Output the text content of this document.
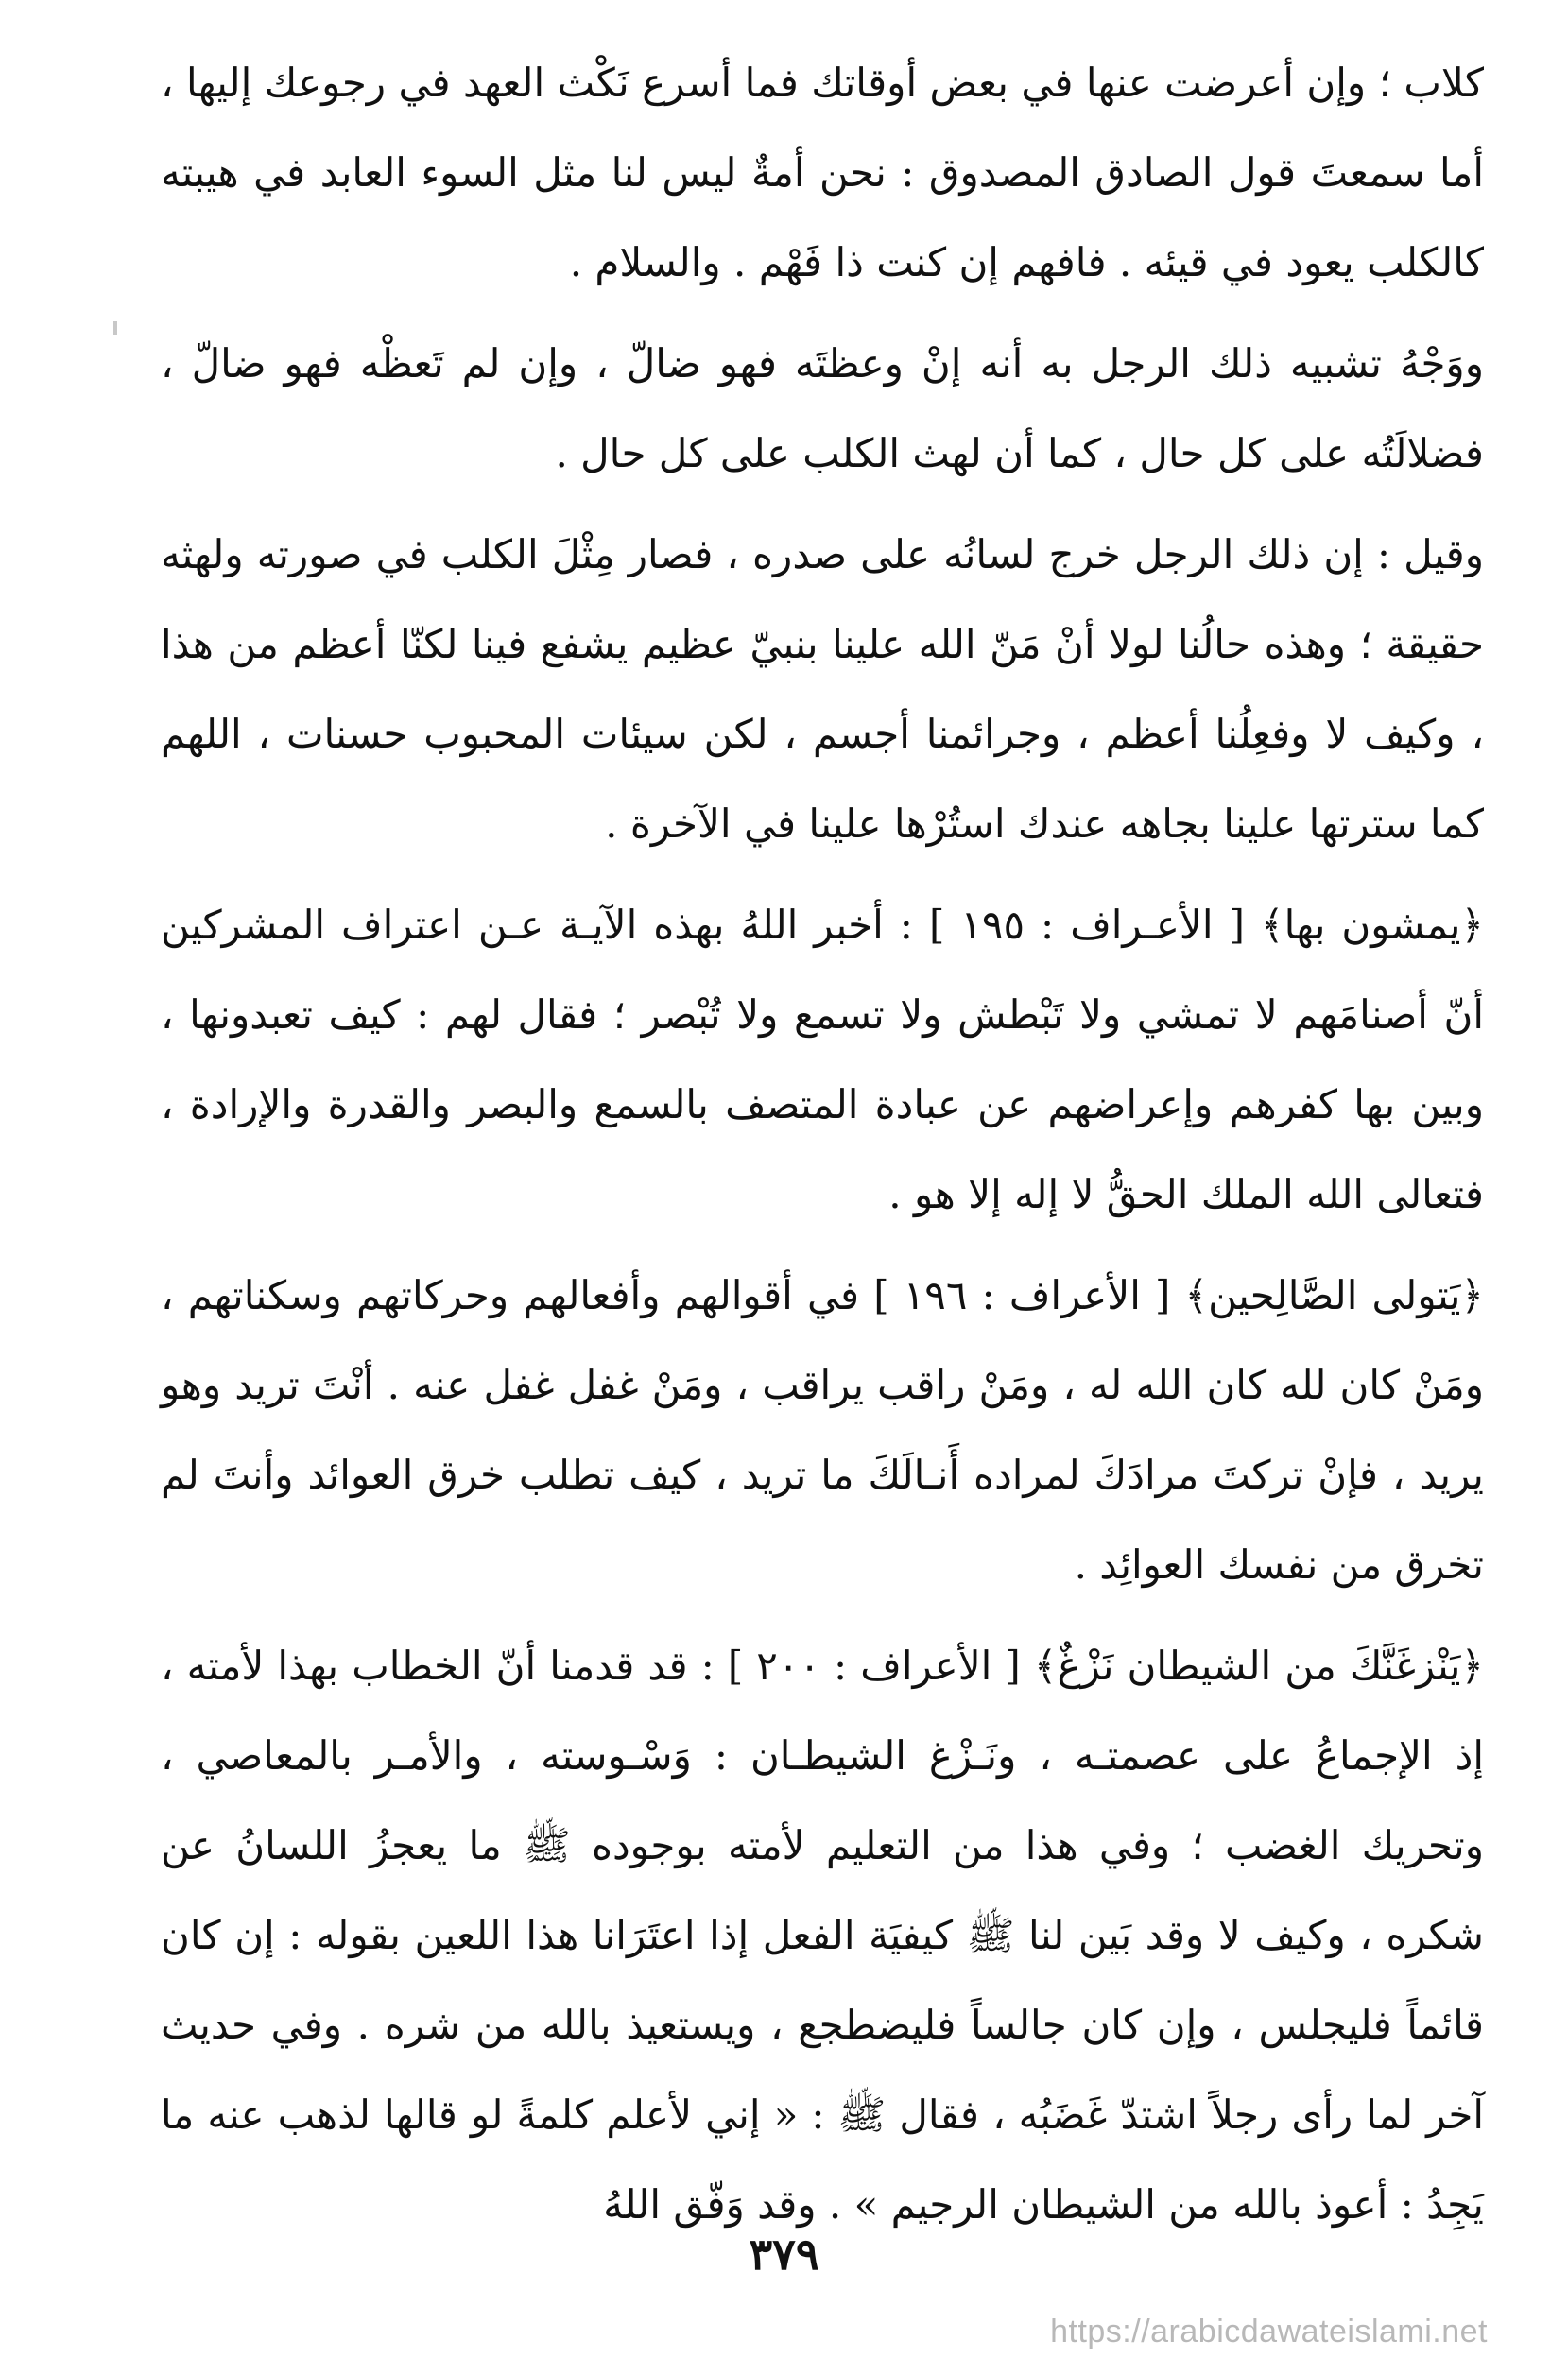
كلاب ؛ وإن أعرضت عنها في بعض أوقاتك فما أسرع نَكْث العهد في رجوعك إليها ، أما سمعتَ قول الصادق المصدوق : نحن أمةٌ ليس لنا مثل السوء العابد في هيبته كالكلب يعود في قيئه . فافهم إن كنت ذا فَهْم . والسلام .

ووَجْهُ تشبيه ذلك الرجل به أنه إنْ وعظتَه فهو ضالّ ، وإن لم تَعظْه فهو ضالّ ، فضلالَتُه على كل حال ، كما أن لهث الكلب على كل حال .

وقيل : إن ذلك الرجل خرج لسانُه على صدره ، فصار مِثْلَ الكلب في صورته ولهثه حقيقة ؛ وهذه حالُنا لولا أنْ مَنّ الله علينا بنبيّ عظيم يشفع فينا لكنّا أعظم من هذا ، وكيف لا وفعِلُنا أعظم ، وجرائمنا أجسم ، لكن سيئات المحبوب حسنات ، اللهم كما سترتها علينا بجاهه عندك استُرْها علينا في الآخرة .

﴿يمشون بها﴾ [ الأعـراف : ١٩٥ ] : أخبر اللهُ بهذه الآيـة عـن اعتراف المشركين أنّ أصنامَهم لا تمشي ولا تَبْطش ولا تسمع ولا تُبْصر ؛ فقال لهم : كيف تعبدونها ، وبين بها كفرهم وإعراضهم عن عبادة المتصف بالسمع والبصر والقدرة والإرادة ، فتعالى الله الملك الحقُّ لا إله إلا هو .

﴿يَتولى الصَّالِحين﴾ [ الأعراف : ١٩٦ ] في أقوالهم وأفعالهم وحركاتهم وسكناتهم ، ومَنْ كان لله كان الله له ، ومَنْ راقب يراقب ، ومَنْ غفل غفل عنه . أنْتَ تريد وهو يريد ، فإنْ تركتَ مرادَكَ لمراده أَنـالَكَ ما تريد ، كيف تطلب خرق العوائد وأنتَ لم تخرق من نفسك العوائِد .

﴿يَنْزغَنَّكَ من الشيطان نَزْغٌ﴾ [ الأعراف : ٢٠٠ ] : قد قدمنا أنّ الخطاب بهذا لأمته ، إذ الإجماعُ على عصمتـه ، ونَـزْغ الشيطـان : وَسْـوسته ، والأمـر بالمعاصي ، وتحريك الغضب ؛ وفي هذا من التعليم لأمته بوجوده ﷺ ما يعجزُ اللسانُ عن شكره ، وكيف لا وقد بَين لنا ﷺ كيفيَة الفعل إذا اعتَرَانا هذا اللعين بقوله : إن كان قائماً فليجلس ، وإن كان جالساً فليضطجع ، ويستعيذ بالله من شره . وفي حديث آخر لما رأى رجلاً اشتدّ غَضَبُه ، فقال ﷺ : « إني لأعلم كلمةً لو قالها لذهب عنه ما يَجِدُ : أعوذ بالله من الشيطان الرجيم » . وقد وَفّق اللهُ

٣٧٩
https://arabicdawateislami.net
